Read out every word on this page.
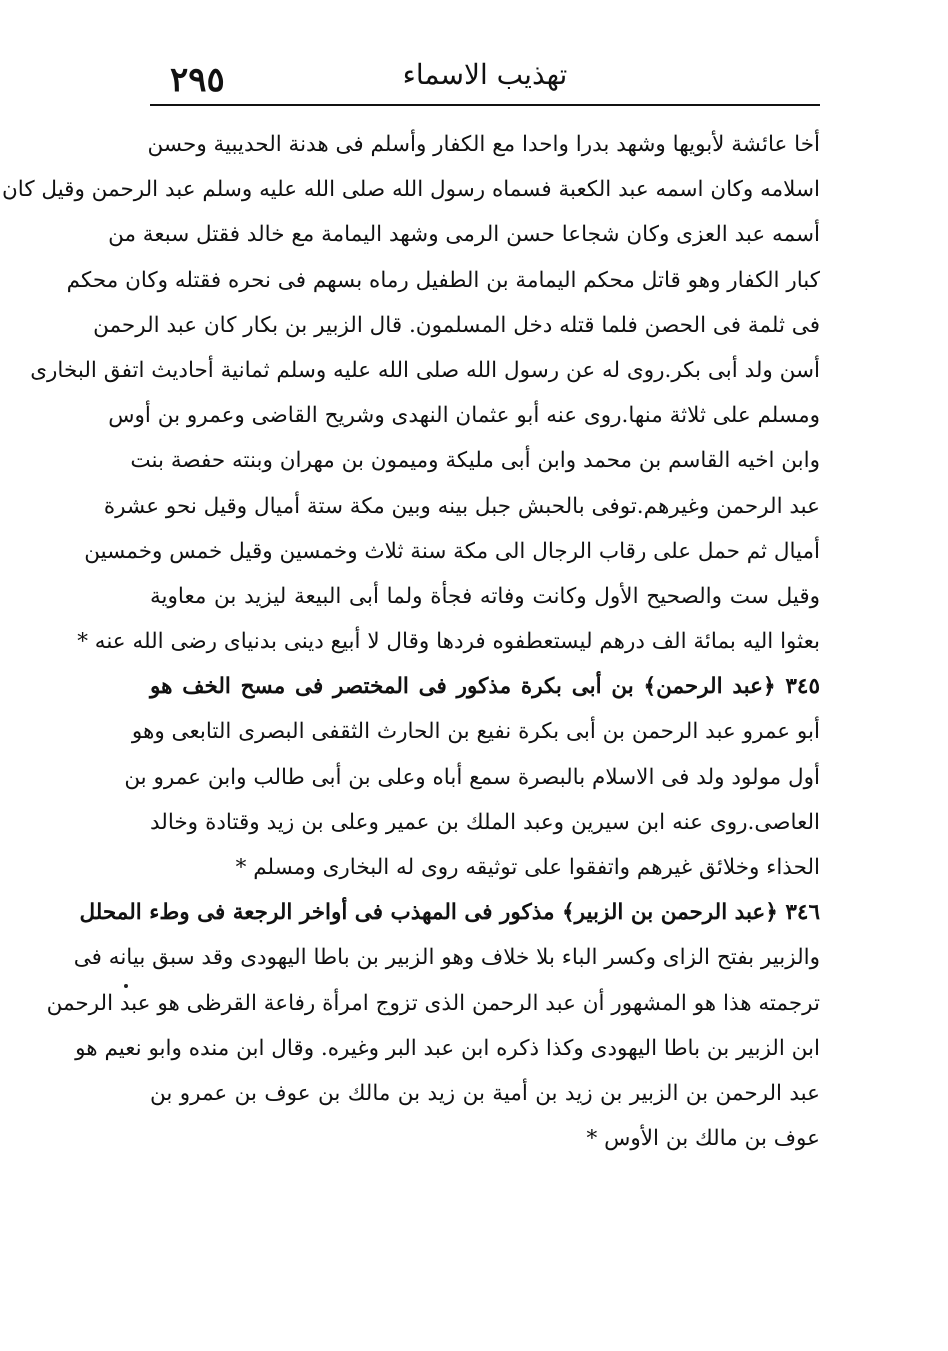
٢٩٥	تهذيب الاسماء
أخا عائشة لأبويها وشهد بدرا واحدا مع الكفار وأسلم فى هدنة الحديبية وحسن
اسلامه وكان اسمه عبد الكعبة فسماه رسول الله صلى الله عليه وسلم عبد الرحمن وقيل كان
أسمه عبد العزى وكان شجاعا حسن الرمى وشهد اليمامة مع خالد فقتل سبعة من
كبار الكفار وهو قاتل محكم اليمامة بن الطفيل رماه بسهم فى نحره فقتله وكان محكم
فى ثلمة فى الحصن فلما قتله دخل المسلمون. قال الزبير بن بكار كان عبد الرحمن
أسن ولد أبى بكر.روى له عن رسول الله صلى الله عليه وسلم ثمانية أحاديث اتفق البخارى
ومسلم على ثلاثة منها.روى عنه أبو عثمان النهدى وشريح القاضى وعمرو بن أوس
وابن اخيه القاسم بن محمد وابن أبى مليكة وميمون بن مهران وبنته حفصة بنت
عبد الرحمن وغيرهم.توفى بالحبش جبل بينه وبين مكة ستة أميال وقيل نحو عشرة
أميال ثم حمل على رقاب الرجال الى مكة سنة ثلاث وخمسين وقيل خمس وخمسين
وقيل ست والصحيح الأول وكانت وفاته فجأة ولما أبى البيعة ليزيد بن معاوية
بعثوا اليه بمائة الف درهم ليستعطفوه فردها وقال لا أبيع دينى بدنياى رضى الله عنه *
٣٤٥ ﴿عبد الرحمن﴾ بن أبى بكرة مذكور فى المختصر فى مسح الخف هو
أبو عمرو عبد الرحمن بن أبى بكرة نفيع بن الحارث الثقفى البصرى التابعى وهو
أول مولود ولد فى الاسلام بالبصرة سمع أباه وعلى بن أبى طالب وابن عمرو بن
العاصى.روى عنه ابن سيرين وعبد الملك بن عمير وعلى بن زيد وقتادة وخالد
الحذاء وخلائق غيرهم واتفقوا على توثيقه روى له البخارى ومسلم *
٣٤٦ ﴿عبد الرحمن بن الزبير﴾ مذكور فى المهذب فى أواخر الرجعة فى وطء المحلل
والزبير بفتح الزاى وكسر الباء بلا خلاف وهو الزبير بن باطا اليهودى وقد سبق بيانه فى
ترجمته هذا هو المشهور أن عبد الرحمن الذى تزوج امرأة رفاعة القرظى هو عبد الرحمن
ابن الزبير بن باطا اليهودى وكذا ذكره ابن عبد البر وغيره. وقال ابن منده وابو نعيم هو
عبد الرحمن بن الزبير بن زيد بن أمية بن زيد بن مالك بن عوف بن عمرو بن
عوف بن مالك بن الأوس *
